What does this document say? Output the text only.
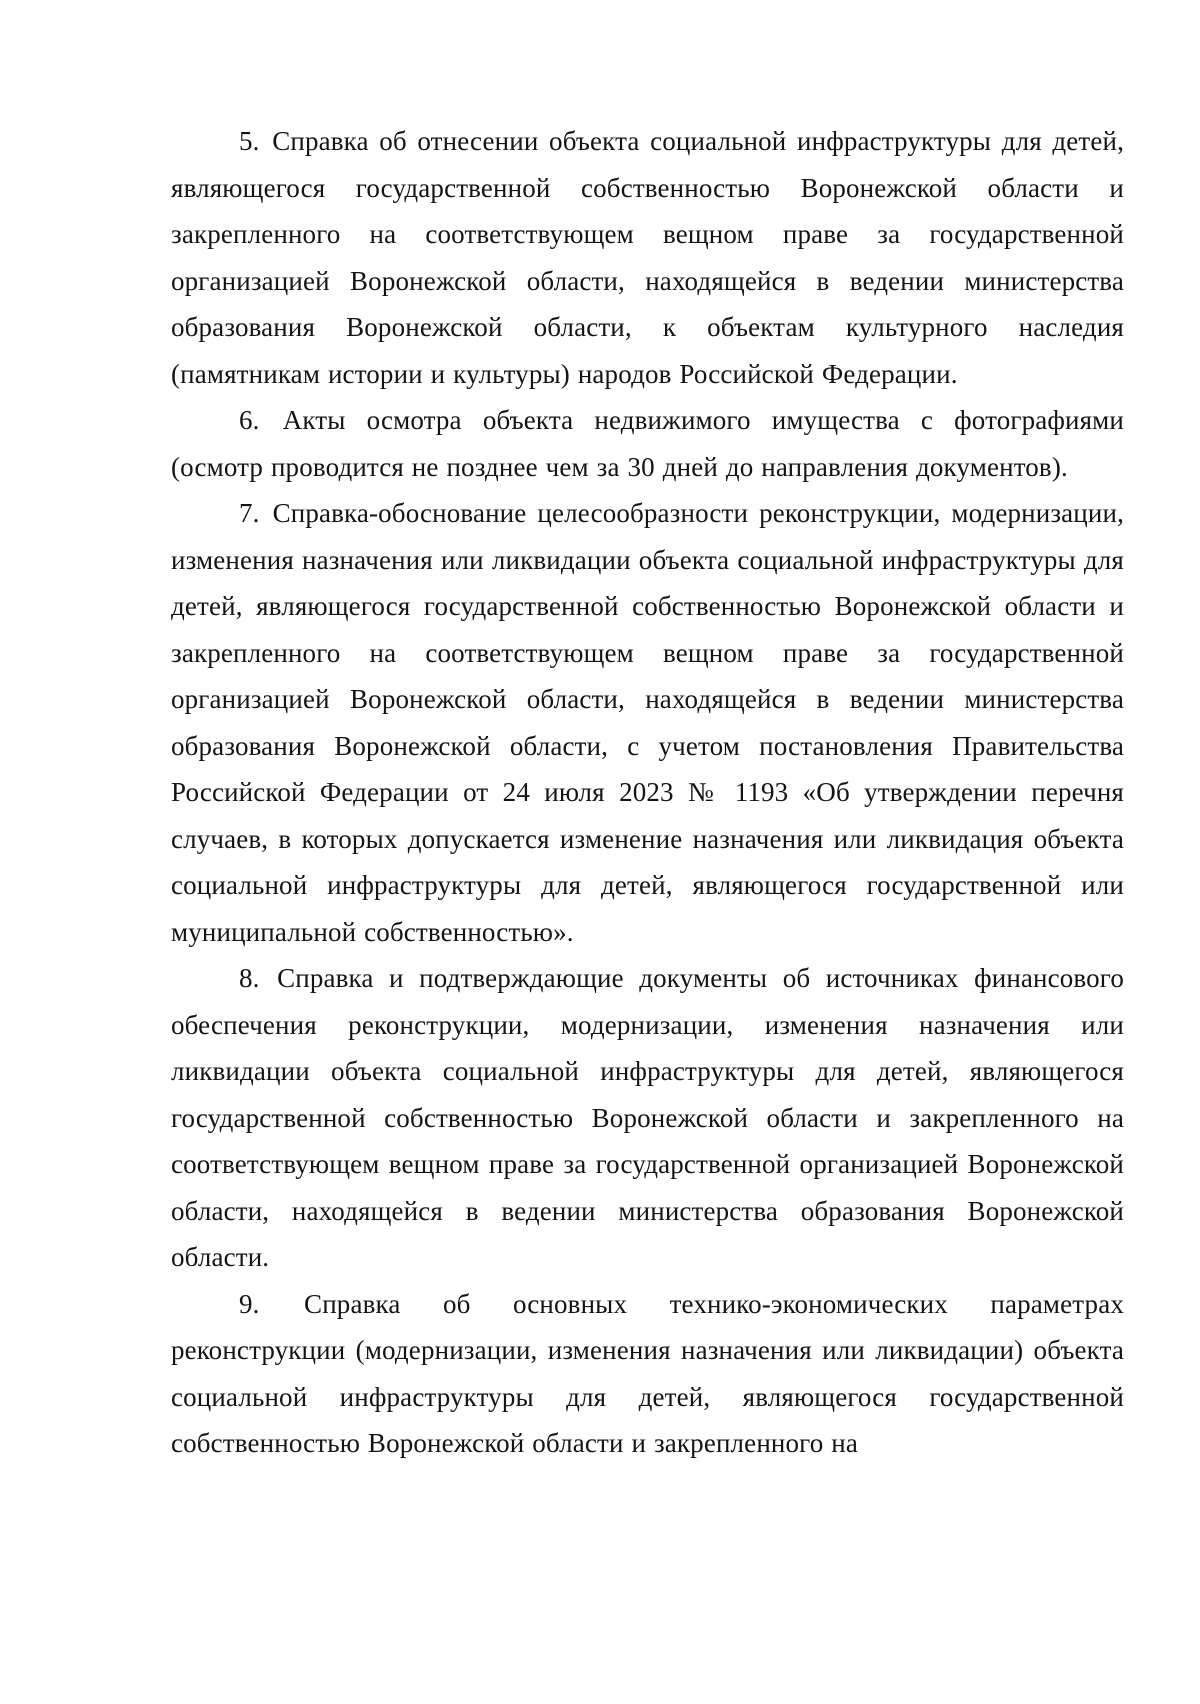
5. Справка об отнесении объекта социальной инфраструктуры для детей, являющегося государственной собственностью Воронежской области и закрепленного на соответствующем вещном праве за государственной организацией Воронежской области, находящейся в ведении министерства образования Воронежской области, к объектам культурного наследия (памятникам истории и культуры) народов Российской Федерации.

6. Акты осмотра объекта недвижимого имущества с фотографиями (осмотр проводится не позднее чем за 30 дней до направления документов).

7. Справка-обоснование целесообразности реконструкции, модернизации, изменения назначения или ликвидации объекта социальной инфраструктуры для детей, являющегося государственной собственностью Воронежской области и закрепленного на соответствующем вещном праве за государственной организацией Воронежской области, находящейся в ведении министерства образования Воронежской области, с учетом постановления Правительства Российской Федерации от 24 июля 2023 № 1193 «Об утверждении перечня случаев, в которых допускается изменение назначения или ликвидация объекта социальной инфраструктуры для детей, являющегося государственной или муниципальной собственностью».

8. Справка и подтверждающие документы об источниках финансового обеспечения реконструкции, модернизации, изменения назначения или ликвидации объекта социальной инфраструктуры для детей, являющегося государственной собственностью Воронежской области и закрепленного на соответствующем вещном праве за государственной организацией Воронежской области, находящейся в ведении министерства образования Воронежской области.

9. Справка об основных технико-экономических параметрах реконструкции (модернизации, изменения назначения или ликвидации) объекта социальной инфраструктуры для детей, являющегося государственной собственностью Воронежской области и закрепленного на
